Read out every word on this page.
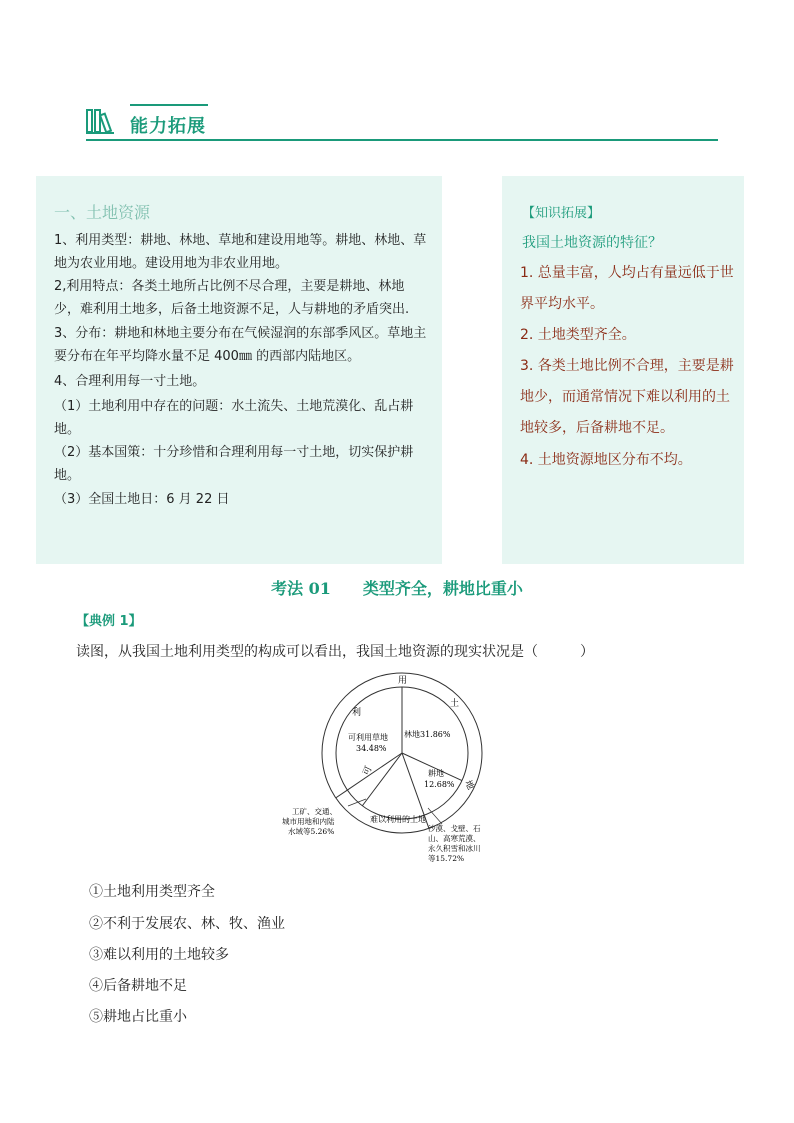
能力拓展
一、土地资源
1、利用类型：耕地、林地、草地和建设用地等。耕地、林地、草地为农业用地。建设用地为非农业用地。
2,利用特点：各类土地所占比例不尽合理，主要是耕地、林地少，难利用土地多，后备土地资源不足，人与耕地的矛盾突出.
3、分布：耕地和林地主要分布在气候湿润的东部季风区。草地主要分布在年平均降水量不足 400㎜ 的西部内陆地区。
4、合理利用每一寸土地。
（1）土地利用中存在的问题：水土流失、土地荒漠化、乱占耕地。
（2）基本国策：十分珍惜和合理利用每一寸土地，切实保护耕地。
（3）全国土地日：6 月 22 日
【知识拓展】
我国土地资源的特征？
1. 总量丰富，人均占有量远低于世界平均水平。
2. 土地类型齐全。
3. 各类土地比例不合理，主要是耕地少，而通常情况下难以利用的土地较多，后备耕地不足。
4. 土地资源地区分布不均。
考法 01　　类型齐全，耕地比重小
【典例 1】
读图，从我国土地利用类型的构成可以看出，我国土地资源的现实状况是（　　　）
可
利
用
土
地
难以利用的土地
林地31.86%
耕地
12.68%
可利用草地
34.48%
沙漠、戈壁、石
山、高寒荒漠、
永久积雪和冰川
等15.72%
工矿、交通、
城市用地和内陆
水域等5.26%
①土地利用类型齐全
②不利于发展农、林、牧、渔业
③难以利用的土地较多
④后备耕地不足
⑤耕地占比重小
